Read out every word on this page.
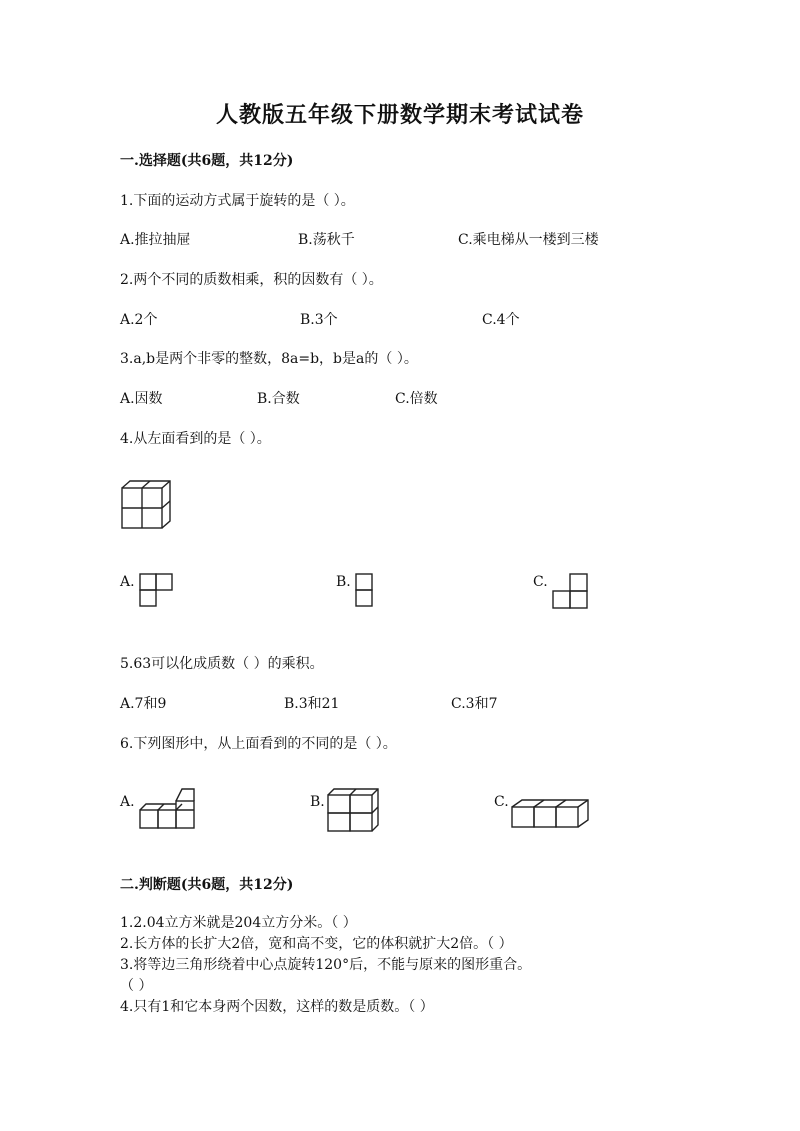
人教版五年级下册数学期末考试试卷
一.选择题(共6题，共12分)
1.下面的运动方式属于旋转的是（ ）。
A.推拉抽屉	B.荡秋千	C.乘电梯从一楼到三楼
2.两个不同的质数相乘，积的因数有（ ）。
A.2个	B.3个	C.4个
3.a,b是两个非零的整数，8a=b，b是a的（ ）。
A.因数	B.合数	C.倍数
4.从左面看到的是（ ）。
A.	B.	C.
5.63可以化成质数（ ）的乘积。
A.7和9	B.3和21	C.3和7
6.下列图形中，从上面看到的不同的是（ ）。
A.	B.	C.
二.判断题(共6题，共12分)
1.2.04立方米就是204立方分米。（ ）
2.长方体的长扩大2倍，宽和高不变，它的体积就扩大2倍。（ ）
3.将等边三角形绕着中心点旋转120°后，不能与原来的图形重合。
（ ）
4.只有1和它本身两个因数，这样的数是质数。（ ）
